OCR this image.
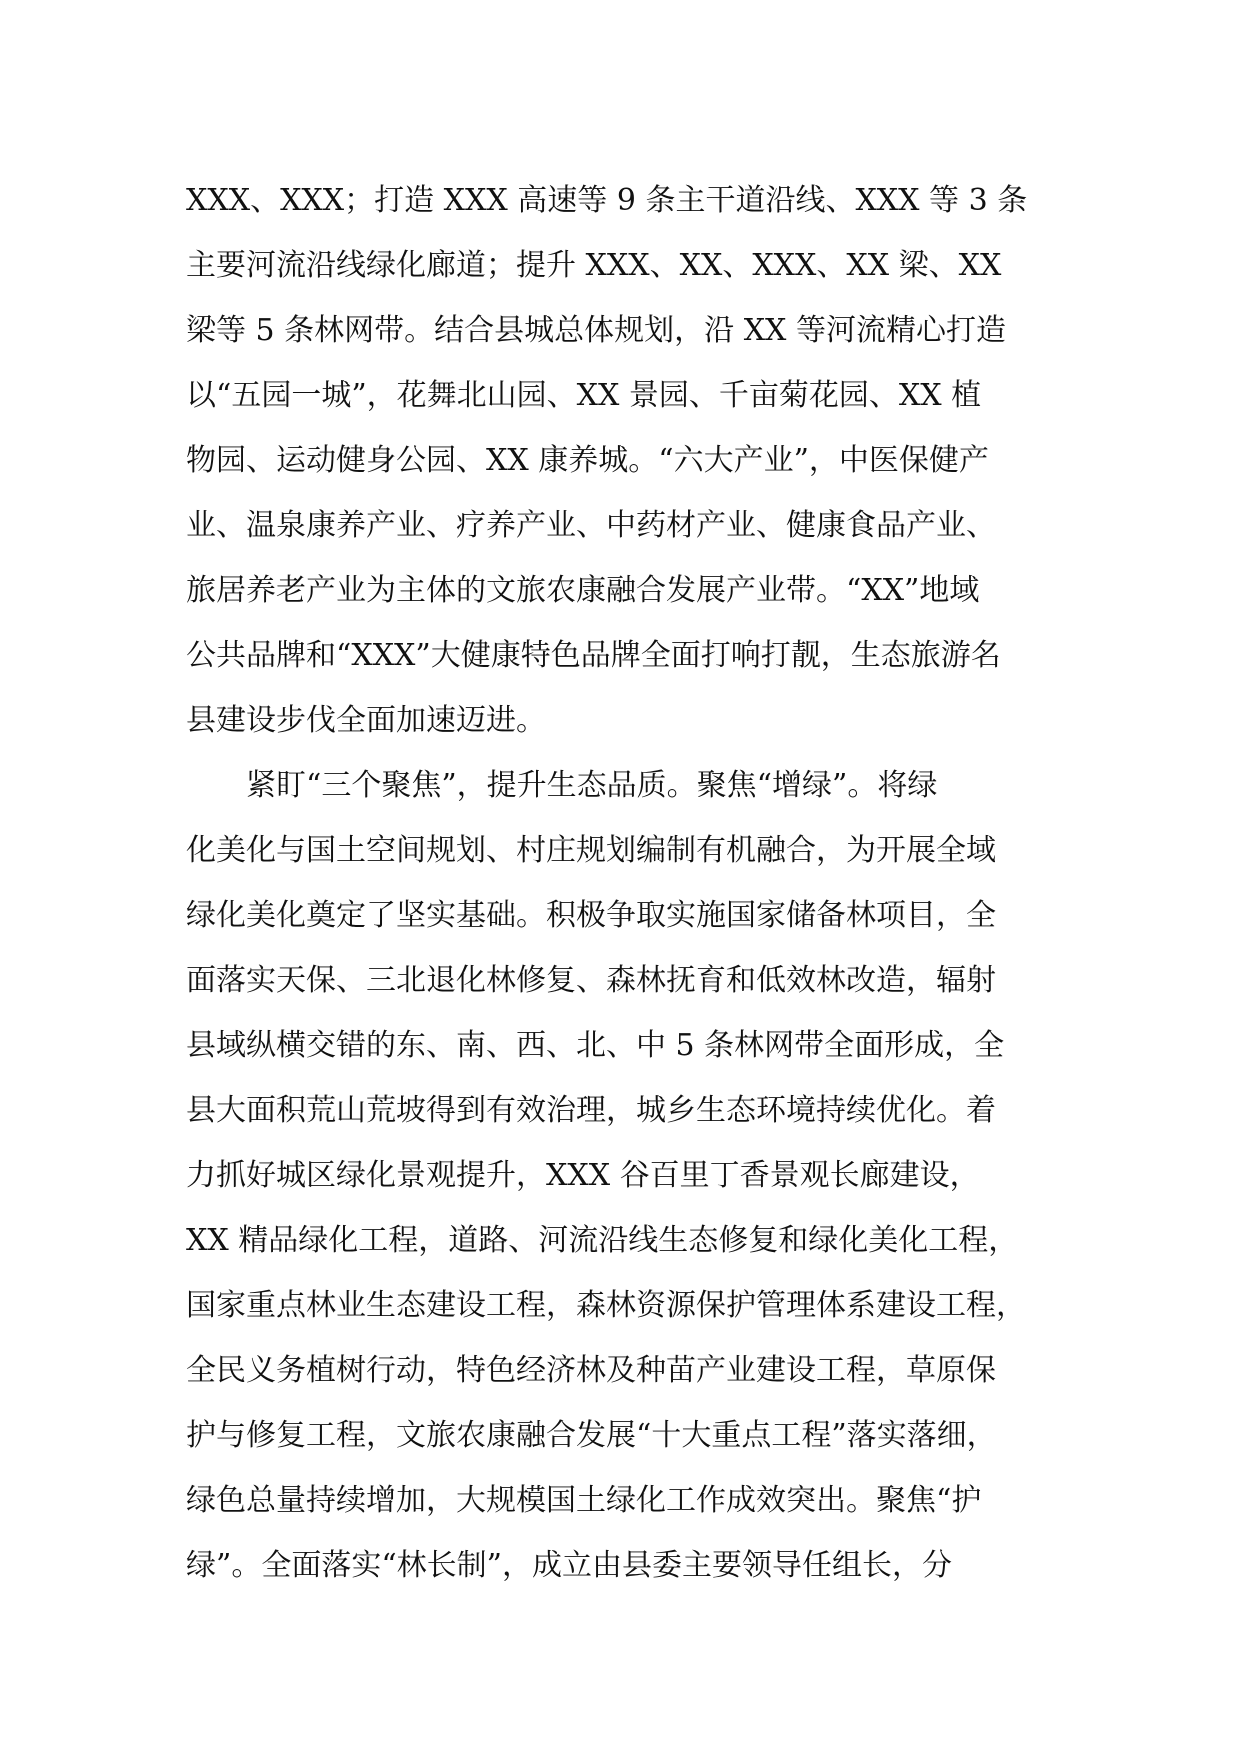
XXX、XXX；打造 XXX 高速等 9 条主干道沿线、XXX 等 3 条

主要河流沿线绿化廊道；提升 XXX、XX、XXX、XX 梁、XX

梁等 5 条林网带。结合县城总体规划，沿 XX 等河流精心打造

以“五园一城”，花舞北山园、XX 景园、千亩菊花园、XX 植

物园、运动健身公园、XX 康养城。“六大产业”，中医保健产

业、温泉康养产业、疗养产业、中药材产业、健康食品产业、

旅居养老产业为主体的文旅农康融合发展产业带。“XX”地域

公共品牌和“XXX”大健康特色品牌全面打响打靓，生态旅游名

县建设步伐全面加速迈进。

　　紧盯“三个聚焦”，提升生态品质。聚焦“增绿”。将绿

化美化与国土空间规划、村庄规划编制有机融合，为开展全域

绿化美化奠定了坚实基础。积极争取实施国家储备林项目，全

面落实天保、三北退化林修复、森林抚育和低效林改造，辐射

县域纵横交错的东、南、西、北、中 5 条林网带全面形成，全

县大面积荒山荒坡得到有效治理，城乡生态环境持续优化。着

力抓好城区绿化景观提升，XXX 谷百里丁香景观长廊建设，

XX 精品绿化工程，道路、河流沿线生态修复和绿化美化工程，

国家重点林业生态建设工程，森林资源保护管理体系建设工程，

全民义务植树行动，特色经济林及种苗产业建设工程，草原保

护与修复工程，文旅农康融合发展“十大重点工程”落实落细，

绿色总量持续增加，大规模国土绿化工作成效突出。聚焦“护

绿”。全面落实“林长制”，成立由县委主要领导任组长，分
